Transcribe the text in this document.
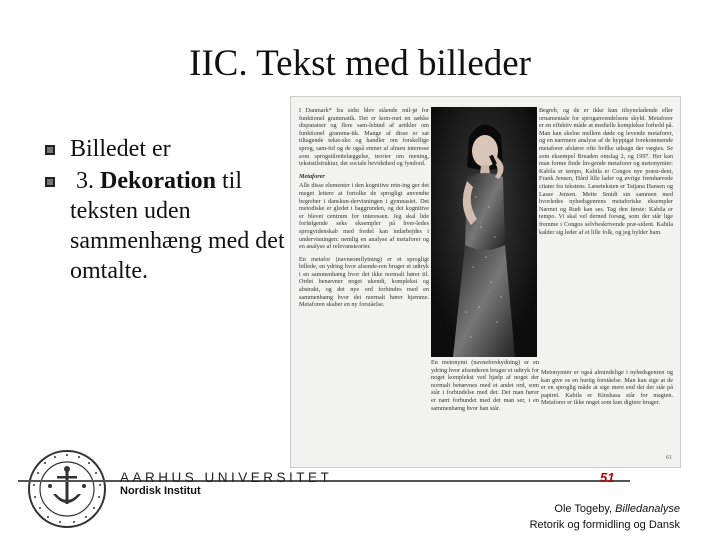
IIC. Tekst med billeder
Billedet er
3. Dekoration til teksten uden sammenhæng med det omtalte.
I Danmark* fra sidst blev stående mil-jø for funktionel grammatik. Det er kom-met en sække disputatser og flere sam-lebind af artikler om funktionel gramma-tik. Mange af disse er sat tiltagende tekst-sko og handler om forskellige sprog, sam-tid og de også emner af almen interesse som sprogstilrettelæggelse, teorier om mening, tekststilstruktur, det sociale bevidsthed og fyndord.
Metaforer
Alle disse elementer i den kognitive retn-ing ger det meget lettere at fortolke de sprogligt anvendte begreber i danskun-dervisningen i gymnasiet. Det metodiske er gledet i baggrunden, og det kognitive er blevet centrum for interessen. Jeg skal lide forfølgende seks eksempler på hver-ledes sprogvidenskab med fordel kan indarbejdes i undervisningen: nemlig en analyse af metaforer og en analyse af relevansteorier.
En metafor (navneomflytning) er et sprogligt billede, en ydring hvor afsende-ren bruger et udtryk i en sammenhæng hvor det ikke normalt hører til. Ordet benævner noget ukendt, komplekst og abstrakt, og det nye ord forbindes med en sammenhæng hvor det normalt hører hjemme. Metaforen skaber en ny forståelse.
Begreb, og de er ikke kun tilsyneladende eller ornamentale for sproganvendelsens skyld. Metaforer er en effektiv måde at medielle komplekse forhold på. Man kan skelne mellem døde og levende metaforer, og en nærmere analyse af de hyppigst forekommende metaforer afslører ofte hvilke udsagn der vægtes. Se som eksempel Breaden omslag 2, og 1997. Her kan man forme finde lin-gende metaforer og metonymier: Kabila er tempo, Kabila er Congos nye præsi-dent, Frank Jensen, Hård lille lader og øvrige fremhævede citater fra tekstens. Læseteksten er Tatjana Hansen og Lasse Jensen. Mette Smidt sin sammen med hvorledes nyhedsgenrens metaforiske eksempler Nærnet og Rudi kan ses. Tag den første: Kabila er tempo. Vi skal vel derned forsøg, som der står lige fremme i Congos selvbeskrivende præ-sident. Kabila kalder sig leder af et lille folk, og jeg hylder ham.
En metonymi (navneforskydning) er en ydring hvor afsenderen bruger et udtryk for noget komplekst ved hjælp af noget der normalt benævnes med et andet ord, som står i forbindelse med det. Det man hører er nært forbundet med det man ser, i en sammenhæng hvor han står.
Metonymier er også almindelige i nyhedsgenren og kan give os en hurtig forståelse. Man kan sige at de er en sproglig måde at sige mere end det der står på papiret. Kabila er Kinshasa står for magten. Metaforer er ikke noget som kun digtere bruger.
61
AARHUS UNIVERSITET
Nordisk Institut
51
Ole Togeby, Billedanalyse
Retorik og formidling og Dansk
